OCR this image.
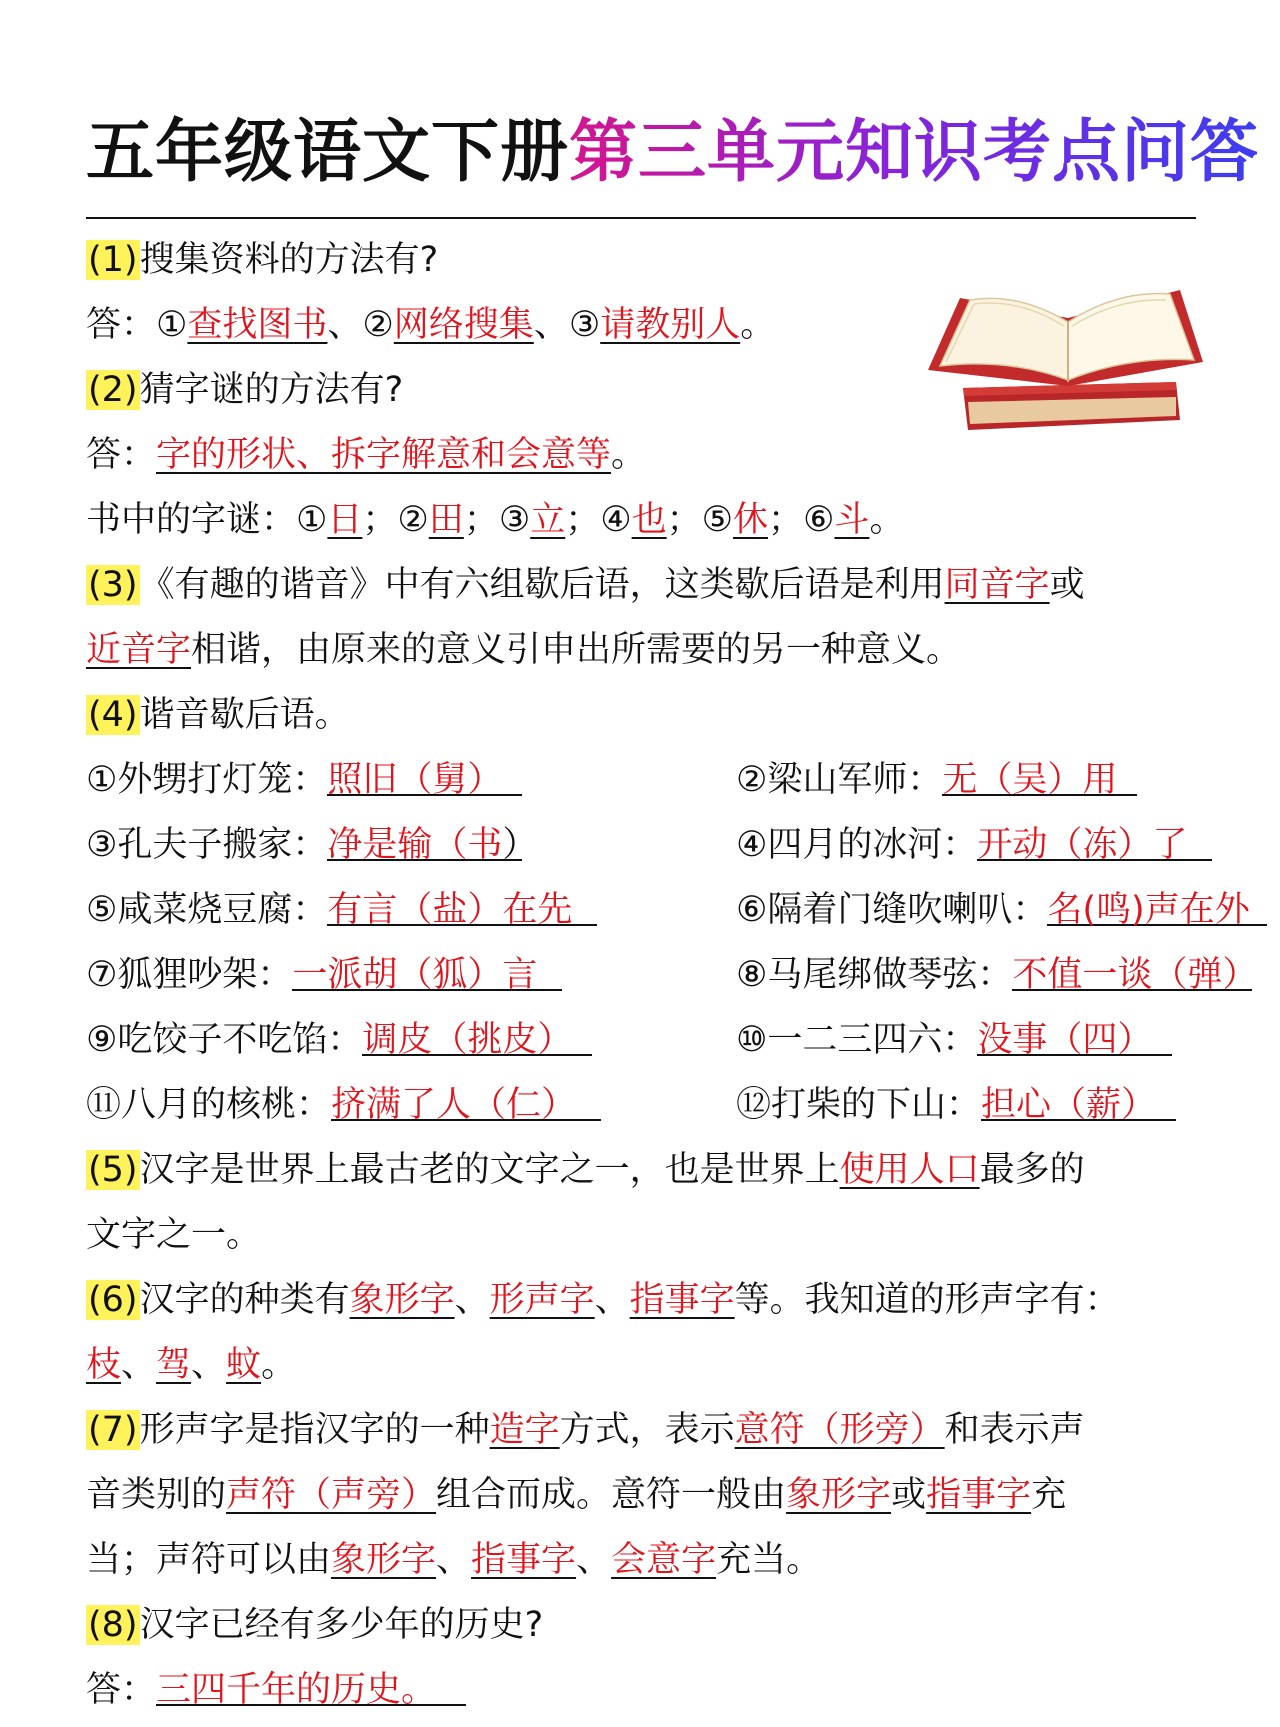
五年级语文下册第三单元知识考点问答
(1)搜集资料的方法有?
答：①查找图书、②网络搜集、③请教别人。
(2)猜字谜的方法有?
答：字的形状、拆字解意和会意等。
书中的字谜：①日；②田；③立；④也；⑤休；⑥斗。
(3)《有趣的谐音》中有六组歇后语，这类歇后语是利用同音字或
近音字相谐，由原来的意义引申出所需要的另一种意义。
(4)谐音歇后语。
①外甥打灯笼：照旧（舅）	②梁山军师：无（吴）用
③孔夫子搬家：净是输（书）	④四月的冰河：开动（冻）了
⑤咸菜烧豆腐：有言（盐）在先	⑥隔着门缝吹喇叭：名(鸣)声在外
⑦狐狸吵架：一派胡（狐）言	⑧马尾绑做琴弦：不值一谈（弹）
⑨吃饺子不吃馅：调皮（挑皮）	⑩一二三四六：没事（四）
⑪八月的核桃：挤满了人（仁）	⑫打柴的下山：担心（薪）
(5)汉字是世界上最古老的文字之一，也是世界上使用人口最多的
文字之一。
(6)汉字的种类有象形字、形声字、指事字等。我知道的形声字有：
枝、驾、蚊。
(7)形声字是指汉字的一种造字方式，表示意符（形旁）和表示声
音类别的声符（声旁）组合而成。意符一般由象形字或指事字充
当；声符可以由象形字、指事字、会意字充当。
(8)汉字已经有多少年的历史?
答：三四千年的历史。
